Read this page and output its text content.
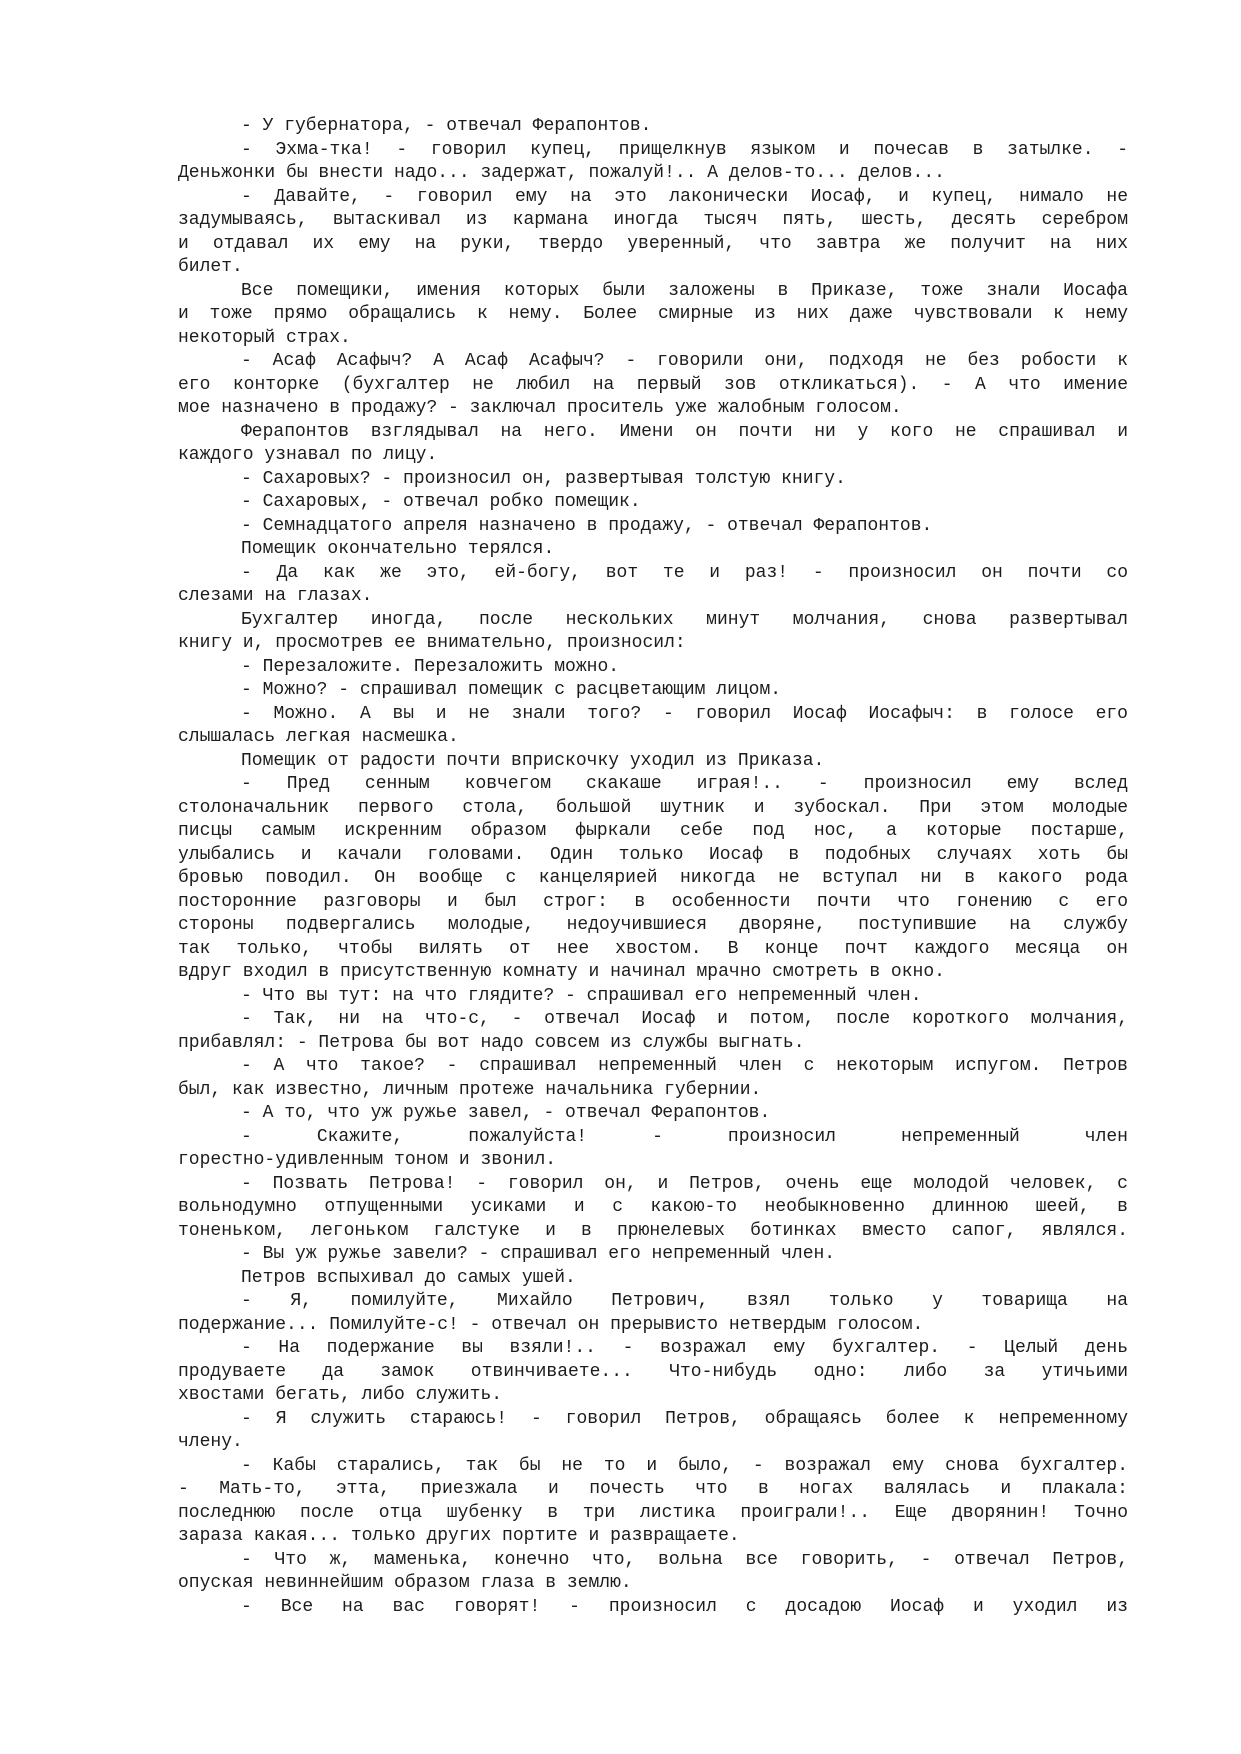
- У губернатора, - отвечал Ферапонтов.
- Эхма-тка! - говорил купец, прищелкнув языком и почесав в затылке. -
Деньжонки бы внести надо... задержат, пожалуй!.. А делов-то... делов...
- Давайте, - говорил ему на это лаконически Иосаф, и купец, нимало не
задумываясь, вытаскивал из кармана иногда тысяч пять, шесть, десять серебром
и отдавал их ему на руки, твердо уверенный, что завтра же получит на них
билет.
Все помещики, имения которых были заложены в Приказе, тоже знали Иосафа
и тоже прямо обращались к нему. Более смирные из них даже чувствовали к нему
некоторый страх.
- Асаф Асафыч? А Асаф Асафыч? - говорили они, подходя не без робости к
его конторке (бухгалтер не любил на первый зов откликаться). - А что имение
мое назначено в продажу? - заключал проситель уже жалобным голосом.
Ферапонтов взглядывал на него. Имени он почти ни у кого не спрашивал и
каждого узнавал по лицу.
- Сахаровых? - произносил он, развертывая толстую книгу.
- Сахаровых, - отвечал робко помещик.
- Семнадцатого апреля назначено в продажу, - отвечал Ферапонтов.
Помещик окончательно терялся.
- Да как же это, ей-богу, вот те и раз! - произносил он почти со
слезами на глазах.
Бухгалтер иногда, после нескольких минут молчания, снова развертывал
книгу и, просмотрев ее внимательно, произносил:
- Перезаложите. Перезаложить можно.
- Можно? - спрашивал помещик с расцветающим лицом.
- Можно. А вы и не знали того? - говорил Иосаф Иосафыч: в голосе его
слышалась легкая насмешка.
Помещик от радости почти вприскочку уходил из Приказа.
- Пред сенным ковчегом скакаше играя!.. - произносил ему вслед
столоначальник первого стола, большой шутник и зубоскал. При этом молодые
писцы самым искренним образом фыркали себе под нос, а которые постарше,
улыбались и качали головами. Один только Иосаф в подобных случаях хоть бы
бровью поводил. Он вообще с канцелярией никогда не вступал ни в какого рода
посторонние разговоры и был строг: в особенности почти что гонению с его
стороны подвергались молодые, недоучившиеся дворяне, поступившие на службу
так только, чтобы вилять от нее хвостом. В конце почт каждого месяца он
вдруг входил в присутственную комнату и начинал мрачно смотреть в окно.
- Что вы тут: на что глядите? - спрашивал его непременный член.
- Так, ни на что-с, - отвечал Иосаф и потом, после короткого молчания,
прибавлял: - Петрова бы вот надо совсем из службы выгнать.
- А что такое? - спрашивал непременный член с некоторым испугом. Петров
был, как известно, личным протеже начальника губернии.
- А то, что уж ружье завел, - отвечал Ферапонтов.
- Скажите, пожалуйста! - произносил непременный член
горестно-удивленным тоном и звонил.
- Позвать Петрова! - говорил он, и Петров, очень еще молодой человек, с
вольнодумно отпущенными усиками и с какою-то необыкновенно длинною шеей, в
тоненьком, легоньком галстуке и в прюнелевых ботинках вместо сапог, являлся.
- Вы уж ружье завели? - спрашивал его непременный член.
Петров вспыхивал до самых ушей.
- Я, помилуйте, Михайло Петрович, взял только у товарища на
подержание... Помилуйте-с! - отвечал он прерывисто нетвердым голосом.
- На подержание вы взяли!.. - возражал ему бухгалтер. - Целый день
продуваете да замок отвинчиваете... Что-нибудь одно: либо за утичьими
хвостами бегать, либо служить.
- Я служить стараюсь! - говорил Петров, обращаясь более к непременному
члену.
- Кабы старались, так бы не то и было, - возражал ему снова бухгалтер.
- Мать-то, этта, приезжала и почесть что в ногах валялась и плакала:
последнюю после отца шубенку в три листика проиграли!.. Еще дворянин! Точно
зараза какая... только других портите и развращаете.
- Что ж, маменька, конечно что, вольна все говорить, - отвечал Петров,
опуская невиннейшим образом глаза в землю.
- Все на вас говорят! - произносил с досадою Иосаф и уходил из
